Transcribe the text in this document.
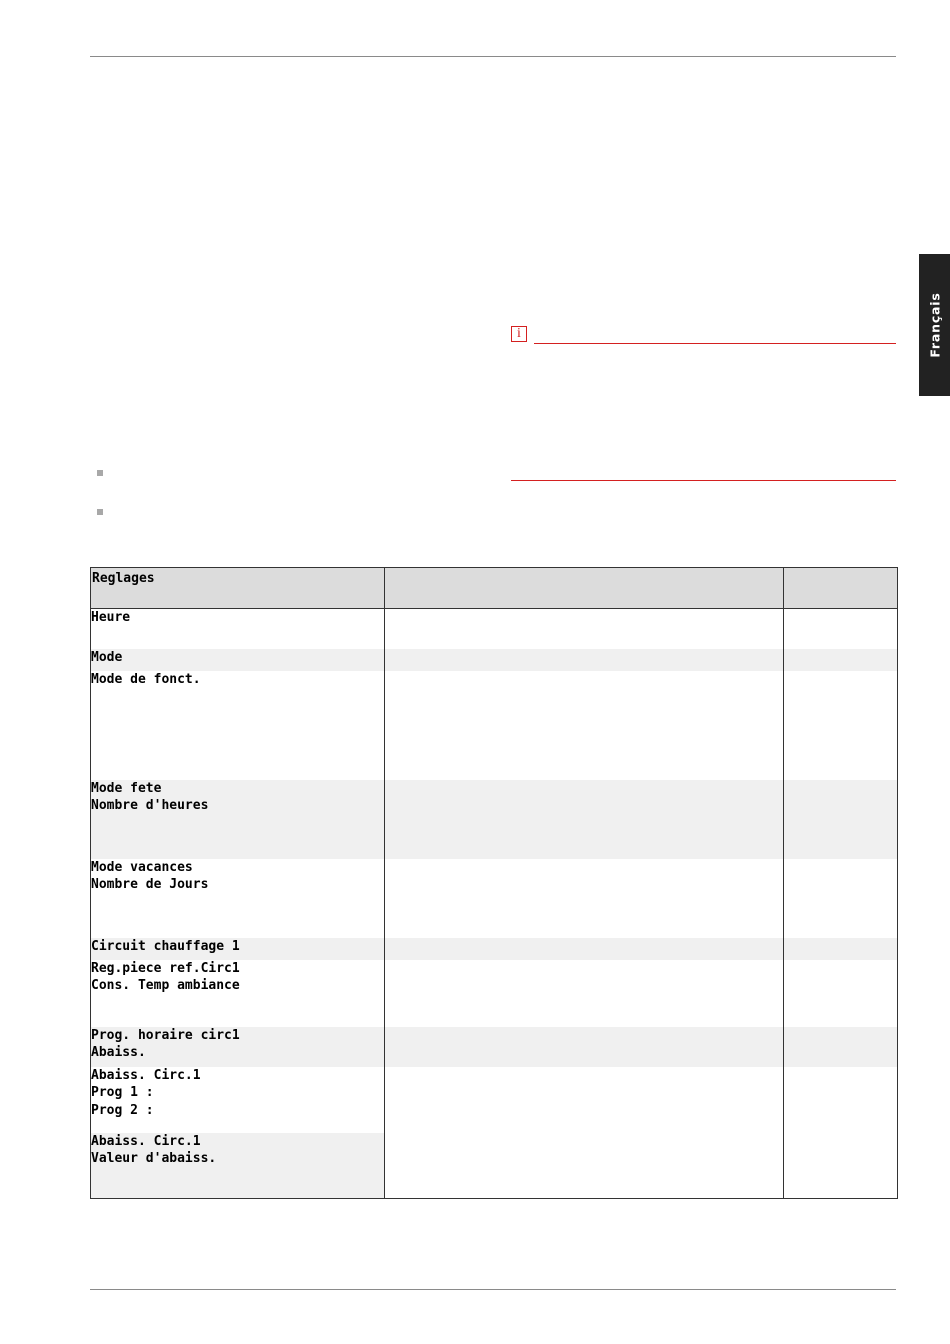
Français
i
Reglages		

Heure		

Mode		

Mode de fonct.		

Mode fete
Nombre d'heures		

Mode vacances
Nombre de Jours		

Circuit chauffage 1		

Reg.piece ref.Circ1
Cons. Temp ambiance		

Prog. horaire circ1
Abaiss.		

Abaiss. Circ.1
Prog 1 :
Prog 2 :		

Abaiss. Circ.1
Valeur d'abaiss.		
